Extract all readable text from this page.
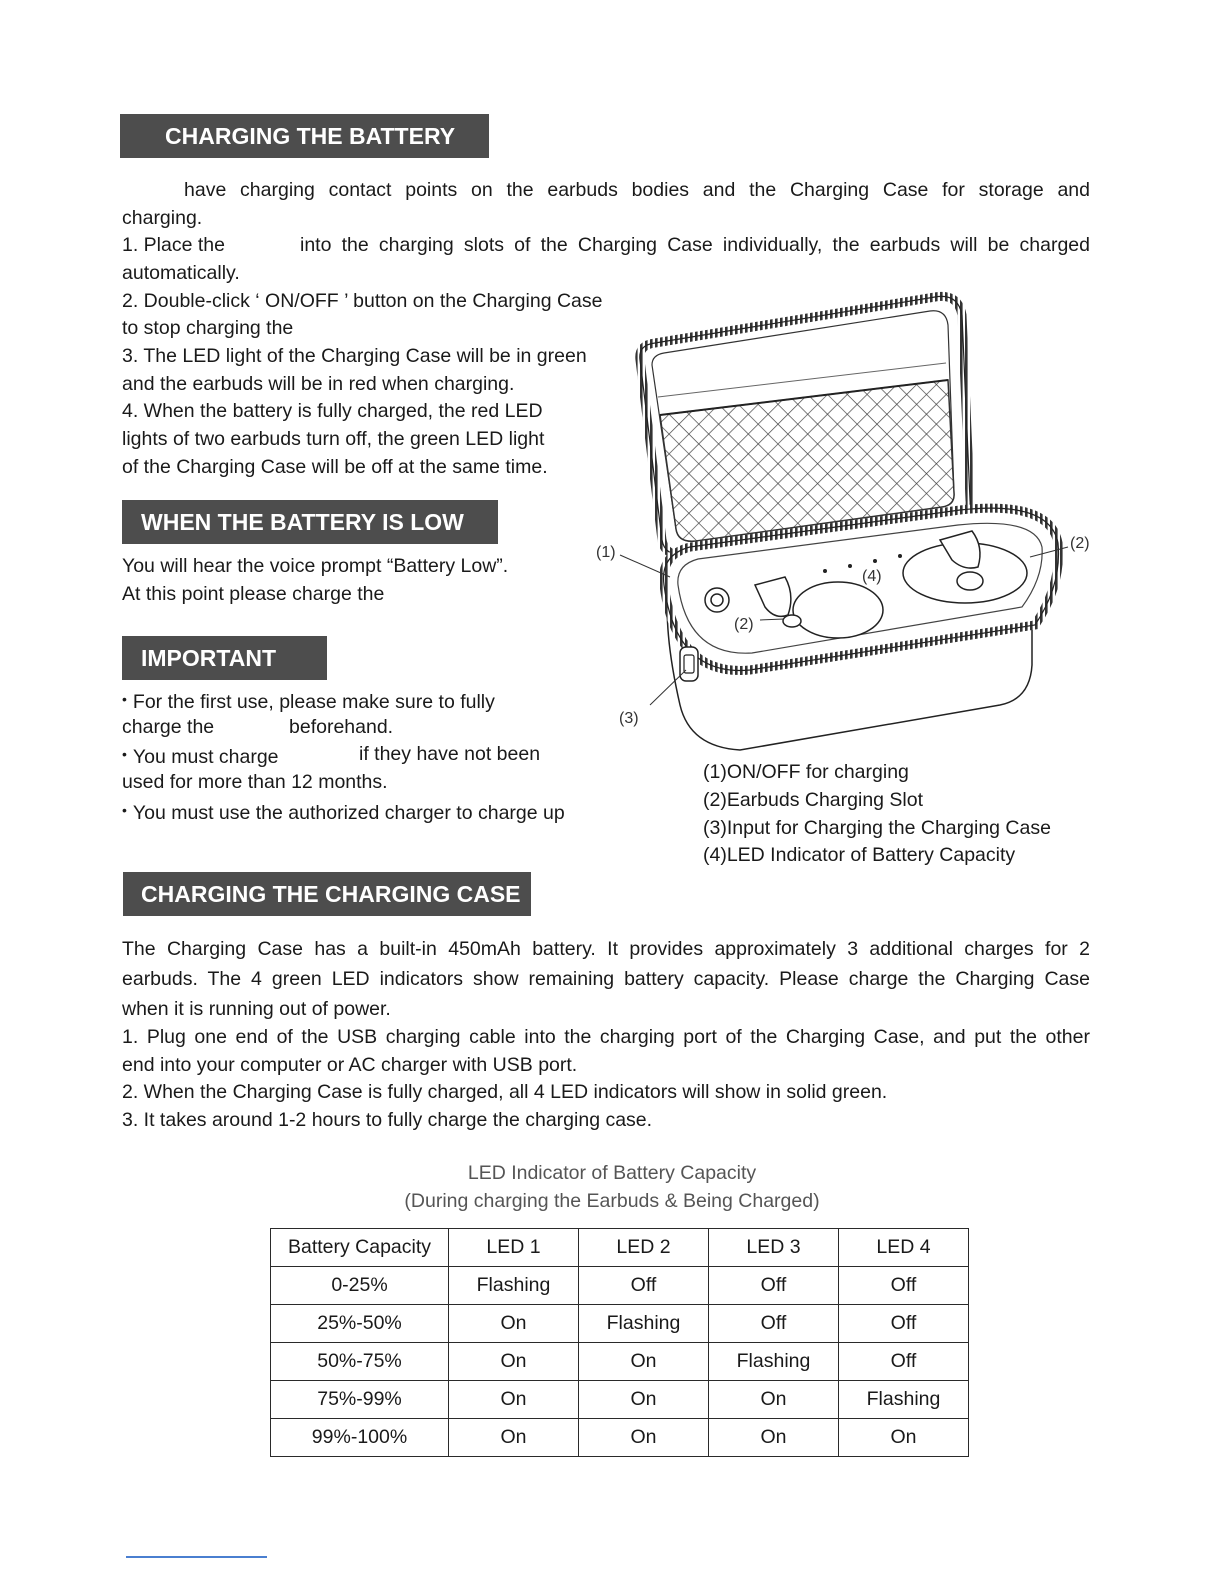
CHARGING THE BATTERY
have charging contact points on the earbuds bodies and the Charging Case for storage and
charging.
1. Place the	into the charging slots of the Charging Case individually, the earbuds will be charged
automatically.
2. Double-click ‘ ON/OFF ’ button on the Charging Case
to stop charging the
3. The LED light of the Charging Case will be in green
and the earbuds will be in red when charging.
4. When the battery is fully charged, the red LED
lights of two earbuds turn off, the green LED light
of the Charging Case will be off at the same time.
WHEN THE BATTERY IS LOW
You will hear the voice prompt “Battery Low”.
At this point please charge the
IMPORTANT
• For the first use, please make sure to fully
charge the	beforehand.
• You must charge	if they have not been
used for more than 12 months.
• You must use the authorized charger to charge up
(1)
(2)
(2)
(3)
(4)
(1)ON/OFF for charging
(2)Earbuds Charging Slot
(3)Input for Charging the Charging Case
(4)LED Indicator of Battery Capacity
CHARGING THE CHARGING CASE
The Charging Case has a built-in 450mAh battery. It provides approximately 3 additional charges for 2
earbuds. The 4 green LED indicators show remaining battery capacity. Please charge the Charging Case
when it is running out of power.
1. Plug one end of the USB charging cable into the charging port of the Charging Case, and put the other
end into your computer or AC charger with USB port.
2. When the Charging Case is fully charged, all 4 LED indicators will show in solid green.
3. It takes around 1-2 hours to fully charge the charging case.
LED Indicator of Battery Capacity
(During charging the Earbuds & Being Charged)
Battery Capacity	LED 1	LED 2	LED 3	LED 4
0-25%	Flashing	Off	Off	Off
25%-50%	On	Flashing	Off	Off
50%-75%	On	On	Flashing	Off
75%-99%	On	On	On	Flashing
99%-100%	On	On	On	On
